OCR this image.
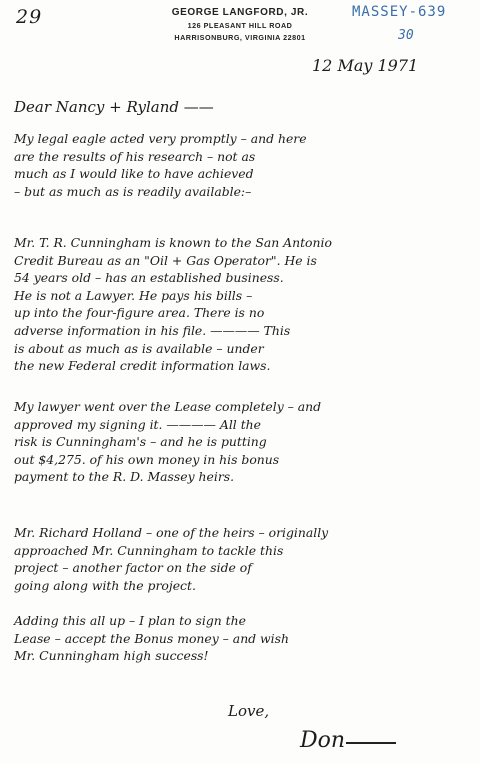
29	GEORGE LANGFORD, JR.
126 PLEASANT HILL ROAD
HARRISONBURG, VIRGINIA 22801
MASSEY-639
30
12 May 1971
Dear Nancy + Ryland ——
My legal eagle acted very promptly – and here
are the results of his research – not as
much as I would like to have achieved
– but as much as is readily available:–
Mr. T. R. Cunningham is known to the San Antonio
Credit Bureau as an "Oil + Gas Operator". He is
54 years old – has an established business.
He is not a Lawyer. He pays his bills –
up into the four-figure area. There is no
adverse information in his file. ———— This
is about as much as is available – under
the new Federal credit information laws.
My lawyer went over the Lease completely – and
approved my signing it. ———— All the
risk is Cunningham's – and he is putting
out $4,275. of his own money in his bonus
payment to the R. D. Massey heirs.
Mr. Richard Holland – one of the heirs – originally
approached Mr. Cunningham to tackle this
project – another factor on the side of
going along with the project.
Adding this all up – I plan to sign the
Lease – accept the Bonus money – and wish
Mr. Cunningham high success!
Love,
Don
